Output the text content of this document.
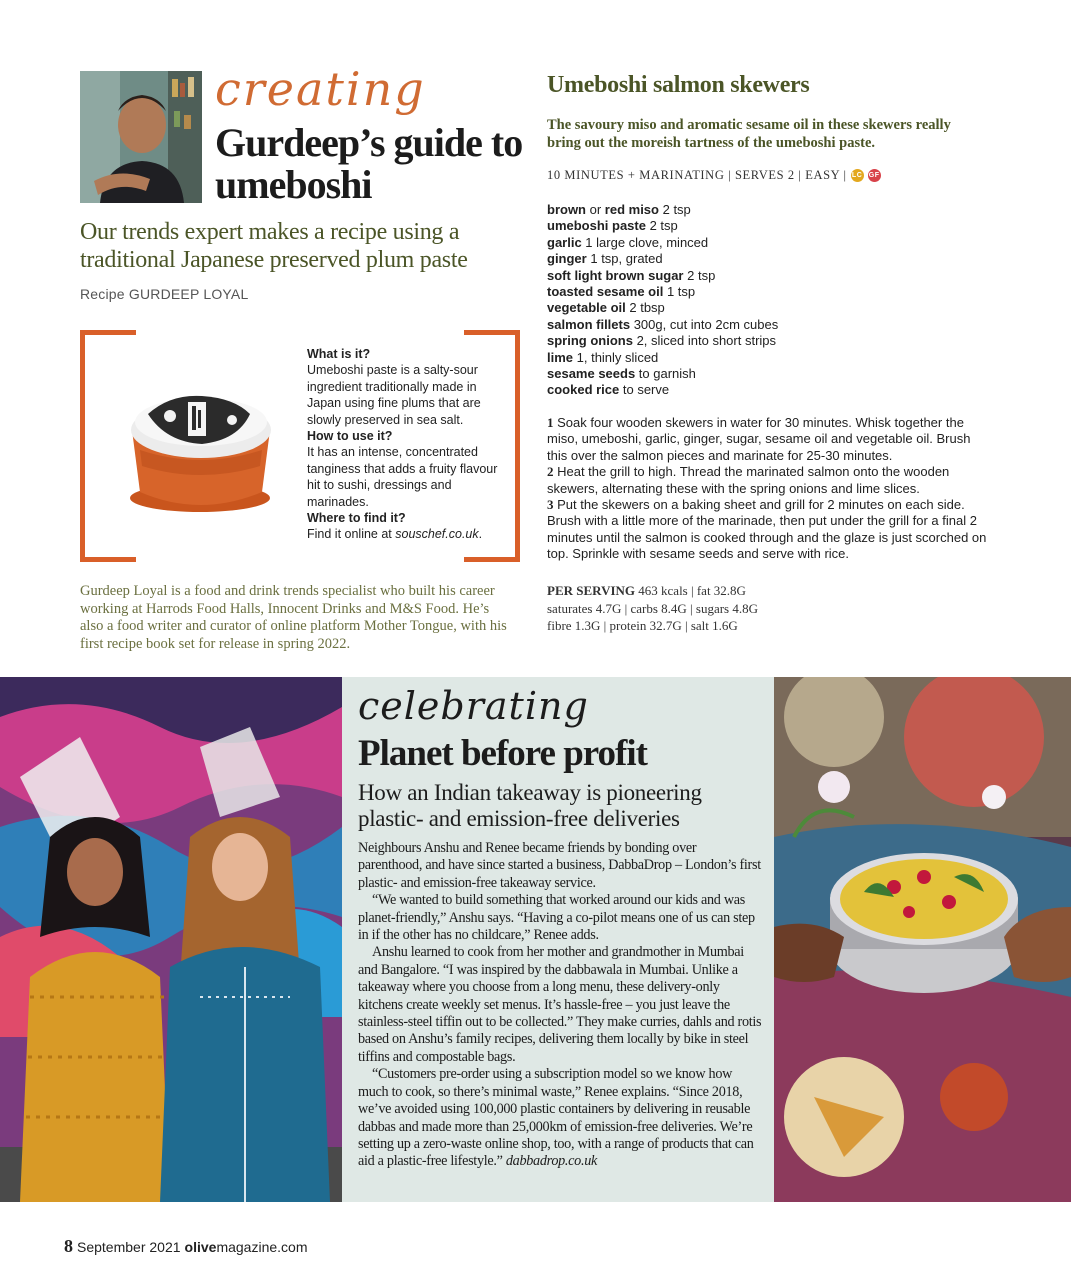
creating
Gurdeep’s guide to umeboshi
Our trends expert makes a recipe using a traditional Japanese preserved plum paste
Recipe GURDEEP LOYAL
What is it?
Umeboshi paste is a salty-sour ingredient traditionally made in Japan using fine plums that are slowly preserved in sea salt.
How to use it?
It has an intense, concentrated tanginess that adds a fruity flavour hit to sushi, dressings and marinades.
Where to find it?
Find it online at souschef.co.uk.
Gurdeep Loyal is a food and drink trends specialist who built his career working at Harrods Food Halls, Innocent Drinks and M&S Food. He’s also a food writer and curator of online platform Mother Tongue, with his first recipe book set for release in spring 2022.
Umeboshi salmon skewers
The savoury miso and aromatic sesame oil in these skewers really bring out the moreish tartness of the umeboshi paste.
10 MINUTES + MARINATING | SERVES 2 | EASY | LC GF
brown or red miso 2 tsp
umeboshi paste 2 tsp
garlic 1 large clove, minced
ginger 1 tsp, grated
soft light brown sugar 2 tsp
toasted sesame oil 1 tsp
vegetable oil 2 tbsp
salmon fillets 300g, cut into 2cm cubes
spring onions 2, sliced into short strips
lime 1, thinly sliced
sesame seeds to garnish
cooked rice to serve
1 Soak four wooden skewers in water for 30 minutes. Whisk together the miso, umeboshi, garlic, ginger, sugar, sesame oil and vegetable oil. Brush this over the salmon pieces and marinate for 25-30 minutes.
2 Heat the grill to high. Thread the marinated salmon onto the wooden skewers, alternating these with the spring onions and lime slices.
3 Put the skewers on a baking sheet and grill for 2 minutes on each side. Brush with a little more of the marinade, then put under the grill for a final 2 minutes until the salmon is cooked through and the glaze is just scorched on top. Sprinkle with sesame seeds and serve with rice.
PER SERVING 463 kcals | fat 32.8G
saturates 4.7G | carbs 8.4G | sugars 4.8G
fibre 1.3G | protein 32.7G | salt 1.6G
celebrating
Planet before profit
How an Indian takeaway is pioneering plastic- and emission-free deliveries

Neighbours Anshu and Renee became friends by bonding over parenthood, and have since started a business, DabbaDrop – London’s first plastic- and emission-free takeaway service.

“We wanted to build something that worked around our kids and was planet-friendly,” Anshu says. “Having a co-pilot means one of us can step in if the other has no childcare,” Renee adds.

Anshu learned to cook from her mother and grandmother in Mumbai and Bangalore. “I was inspired by the dabbawala in Mumbai. Unlike a takeaway where you choose from a long menu, these delivery-only kitchens create weekly set menus. It’s hassle-free – you just leave the stainless-steel tiffin out to be collected.” They make curries, dahls and rotis based on Anshu’s family recipes, delivering them locally by bike in steel tiffins and compostable bags.

“Customers pre-order using a subscription model so we know how much to cook, so there’s minimal waste,” Renee explains. “Since 2018, we’ve avoided using 100,000 plastic containers by delivering in reusable dabbas and made more than 25,000km of emission-free deliveries. We’re setting up a zero-waste online shop, too, with a range of products that can aid a plastic-free lifestyle.” dabbadrop.co.uk

8 September 2021 olivemagazine.com
